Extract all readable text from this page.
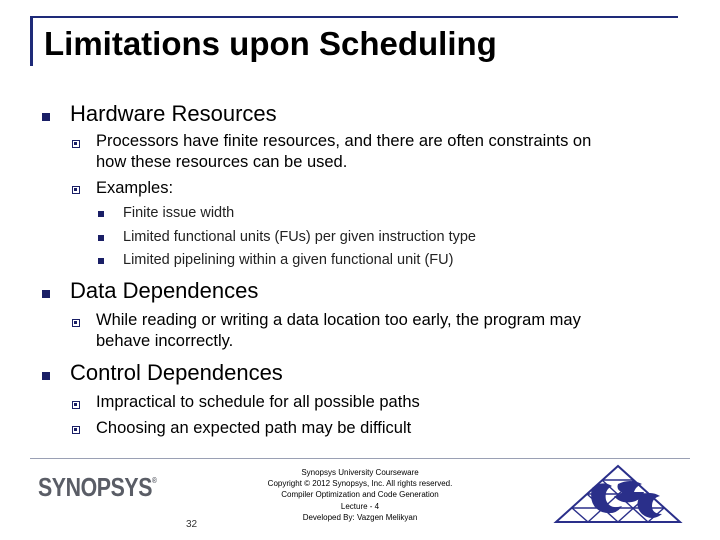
Limitations upon Scheduling
Hardware Resources
Processors have finite resources, and there are often constraints on
how these resources can be used.
Examples:
Finite issue width
Limited functional units (FUs) per given instruction type
Limited pipelining within a given functional unit (FU)
Data Dependences
While reading or writing a data location too early, the program may
behave incorrectly.
Control Dependences
Impractical to schedule for all possible paths
Choosing an expected path may be difficult
SYNOPSYS®
Synopsys University Courseware
Copyright © 2012 Synopsys, Inc. All rights reserved.
Compiler Optimization and Code Generation
Lecture - 4
Developed By: Vazgen Melikyan
32
